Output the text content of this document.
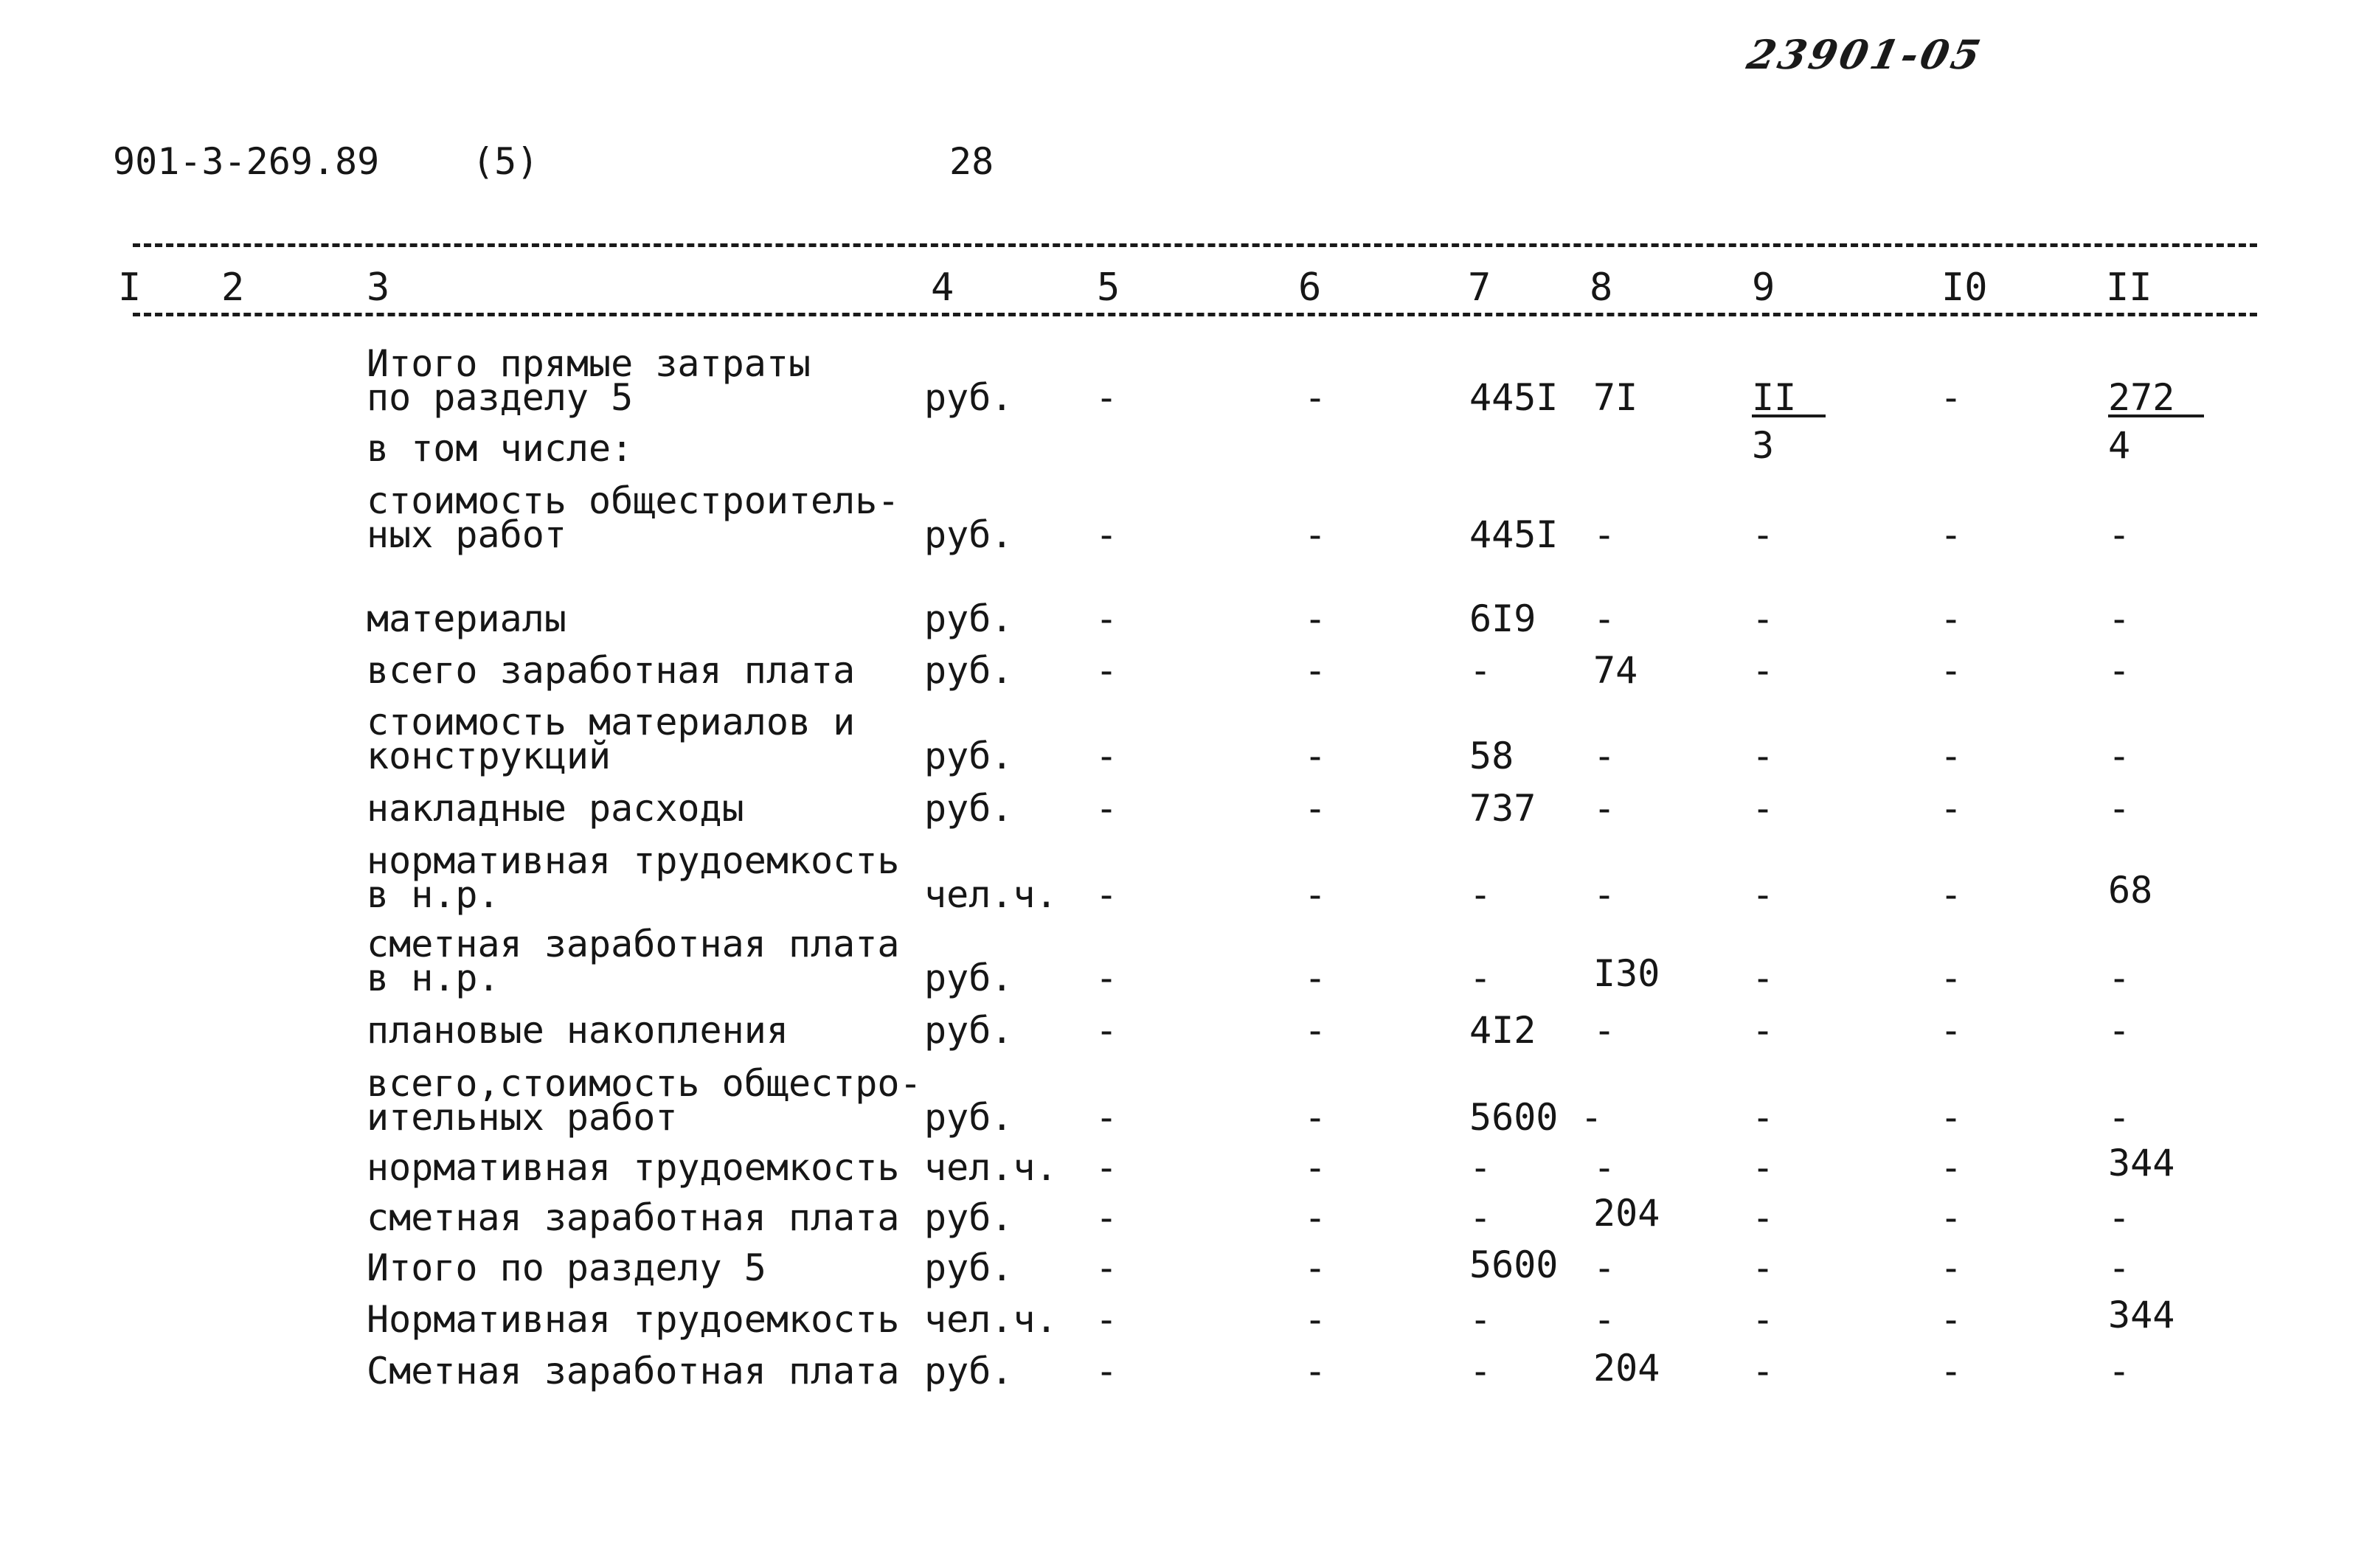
23901-05
901-3-269.89	(5)	28
I 2	3	4	5	6	7	8	9	I0	II
Итого прямые затраты
по разделу 5	руб. -	-	445I 7I	II	-	272
в том числе:	3	4
стоимость общестроитель-
ных работ	руб. -	-	445I -	-	-	-
материалы	руб. -	-	6I9 -	-	-	-
всего заработная плата руб. -	-	-	74	-	-	-
стоимость материалов и
конструкций	руб. -	-	58 -	-	-	-
накладные расходы	руб. -	-	737 -	-	-	-
нормативная трудоемкость
в н.р.	чел.ч. -	-	-	-	-	-	68
сметная заработная плата
в н.р.	руб. -	-	-	I30 -	-	-
плановые накопления	руб. -	-	4I2 -	-	-	-
всего,стоимость общестро-
ительных работ	руб. -	-	5600 -	-	-	-
нормативная трудоемкость чел.ч. -	-	-	-	-	-	344
сметная заработная плата руб. -	-	-	204 -	-	-
Итого по разделу 5	руб. -	-	5600 -	-	-	-
Нормативная трудоемкость чел.ч. -	-	-	-	-	-	344
Сметная заработная плата руб. -	-	-	204 -	-	-
